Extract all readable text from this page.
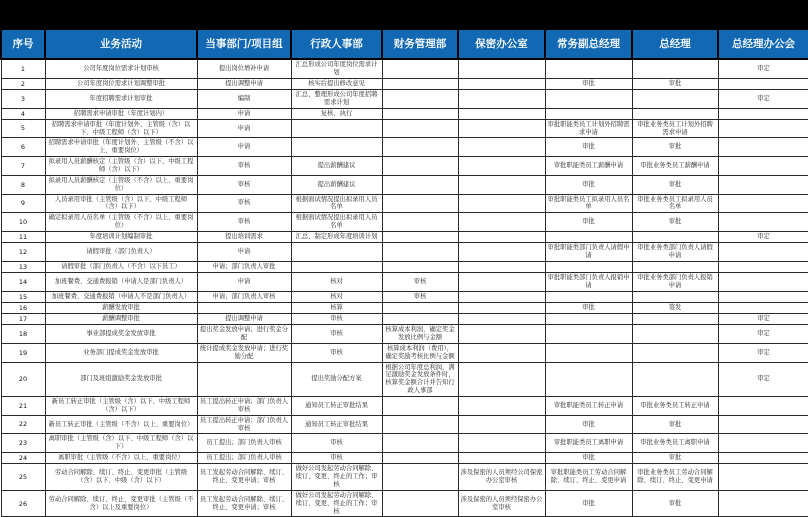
序号	业务活动	当事部门/项目组	行政人事部	财务管理部	保密办公室	常务副总经理	总经理	总经理办公会
1	公司年度岗位需求计划审核	提出岗位增补申请	汇总形成公司年度岗位需求计划					审定
2	公司年度岗位需求计划调整审批	提出调整申请	核实后提出修改意见			审批	审批	
3	年度招聘需求计划审批	编制	汇总、整理形成公司年度招聘需求计划					审定
4	招聘需求申请审批（年度计划内）	申请	复核、执行					
5	招聘需求申请审批（年度计划外、主管级（含）以下、中级工程师（含）以下）	申请				审批职能类员工计划外招聘需求申请	审批业务类员工计划外招聘需求申请	
6	招聘需求申请审批（年度计划外、主管级（不含）以上、重要岗位）	申请				审批	审批	
7	拟录用人员薪酬核定（主管级（含）以下、中级工程师（含）以下）	审核	提出薪酬建议			审批职能类员工薪酬申请	审批业务类员工薪酬申请	
8	拟录用人员薪酬核定（主管级（不含）以上、重要岗位）	审核	提出薪酬建议			审批	审批	
9	人员录用审批（主管级（含）以下、中级工程师（含）以下）	审核	根据面试情况提出拟录用人员名单			审批职能类员工拟录用人员名单	审批业务类员工拟录用人员名单	
10	确定拟录用人员名单（主管级（不含）以上、重要岗位）	审核	根据面试情况提出拟录用人员名单			审批	审批	
11	年度培训计划编制审批	提出培训需求	汇总、制定形成年度培训计划					审定
12	请假审批（部门负责人）	申请				审批职能类部门负责人请假申请	审批业务类部门负责人请假申请	
13	请假审批（部门负责人（不含）以下员工）	申请；部门负责人审批						
14	加班餐费、交通费报销（申请人是部门负责人）	申请	核对	审核		审批职能类部门负责人报销申请	审批业务类部门负责人报销申请	
15	加班餐费、交通费报销（申请人不是部门负责人）	申请；部门负责人审核	核对	审核				
16	薪酬发放审批		核算			审批	签发	
17	薪酬调整审批	提出调整申请	审核					审定
18	事业部提成奖金发放审批	提出奖金发放申请；进行奖金分配	审核	核算成本利润，确定奖金发放比例与金额				审定
19	业务部门提成奖金发放审批	统计提成奖金发放申请；进行奖励分配	审核	核算成本利润（费用），确定奖励考核比例与金额				审定
20	部门及班组激励奖金发放审批		提出奖励分配方案	根据公司年度总利润，满足激励奖金发放条件时，核算奖金额合计并告知行政人事部				审定
21	新员工转正审批（主管级（含）以下、中级工程师（含）以下）	员工提出转正申请；部门负责人审核	通知员工转正审批结果			审批职能类员工转正申请	审批业务类员工转正申请	
22	新员工转正审批（主管级（不含）以上、重要岗位）	员工提出转正申请；部门负责人审核	通知员工转正审批结果			审批	审批	
23	离职审批（主管级（含）以下、中级工程师（含）以下）	员工提出；部门负责人审核	审核			审批职能类员工离职申请	审批业务类员工离职申请	
24	离职审批（主管级（不含）以上、重要岗位）	员工提出；部门负责人审核	审核			审批	审批	
25	劳动合同解除、续订、终止、变更审批（主管级（含）以下、中级（含）以下）	员工发起劳动合同解除、续订、终止、变更申请；审核	做好公司发起劳动合同解除、续订、变更、终止的工作；审核		涉及保密的人员须经公司保密办公室审核	审批职能类员工劳动合同解除、续订、终止、变更申请	审批业务类员工劳动合同解除、续订、终止、变更申请	
26	劳动合同解除、续订、终止、变更审批（主管级（不含）以上及重要岗位）	员工发起劳动合同解除、续订、终止、变更申请；审核	做好公司发起劳动合同解除、续订、变更、终止的工作；审核		涉及保密的人员须经保密办公室审核	审批	审批	
